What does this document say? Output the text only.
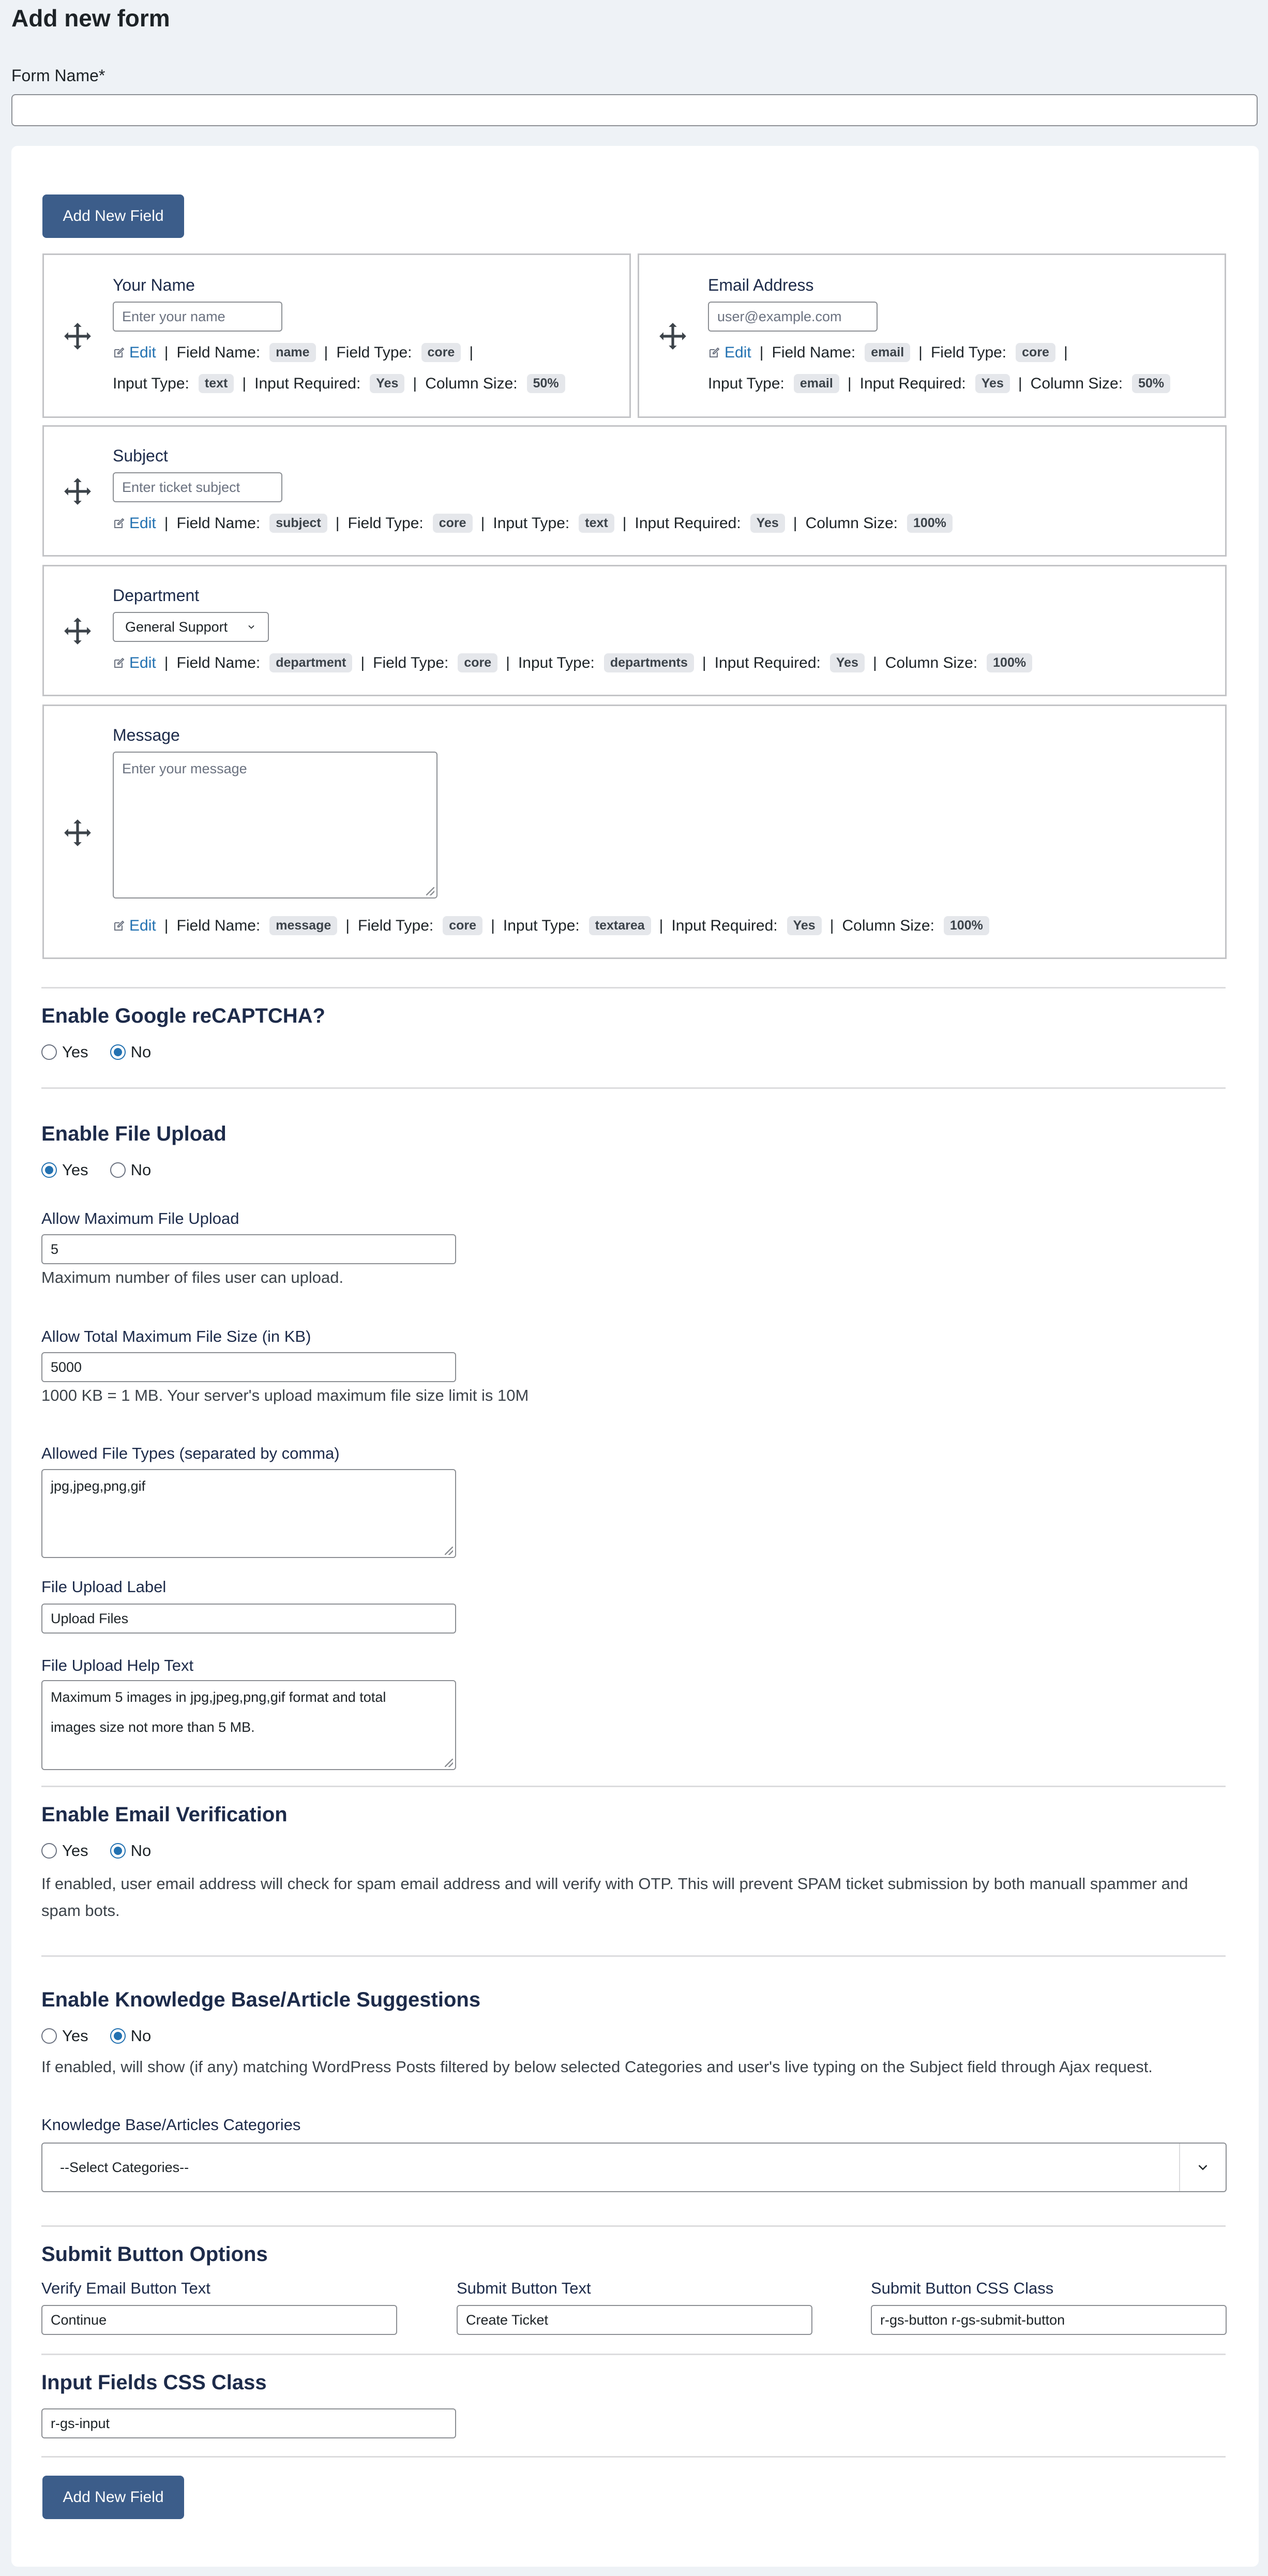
Add new form
Form Name*
Add New Field
Your Name
Enter your name
Edit | Field Name:	name | Field Type:	core |
Input Type:	text | Input Required:	Yes | Column Size:	50%
Email Address
user@example.com
Edit | Field Name:	email | Field Type:	core |
Input Type:	email | Input Required:	Yes | Column Size:	50%
Subject
Enter ticket subject
Edit | Field Name:	subject | Field Type:	core | Input Type:	text | Input Required:	Yes | Column Size:	100%
Department
General Support
Edit | Field Name:	department | Field Type:	core | Input Type:	departments | Input Required:	Yes | Column Size:	100%
Message
Enter your message
Edit | Field Name:	message | Field Type:	core | Input Type:	textarea | Input Required:	Yes | Column Size:	100%
Enable Google reCAPTCHA?
Yes	No
Enable File Upload
Yes	No
Allow Maximum File Upload
5
Maximum number of files user can upload.
Allow Total Maximum File Size (in KB)
5000
1000 KB = 1 MB. Your server's upload maximum file size limit is 10M
Allowed File Types (separated by comma)
jpg,jpeg,png,gif
File Upload Label
Upload Files
File Upload Help Text
Maximum 5 images in jpg,jpeg,png,gif format and total
images size not more than 5 MB.
Enable Email Verification
Yes	No
If enabled, user email address will check for spam email address and will verify with OTP. This will prevent SPAM ticket submission by both manuall spammer and
spam bots.
Enable Knowledge Base/Article Suggestions
Yes	No
If enabled, will show (if any) matching WordPress Posts filtered by below selected Categories and user's live typing on the Subject field through Ajax request.
Knowledge Base/Articles Categories
--Select Categories--
Submit Button Options
Verify Email Button Text
Continue
Submit Button Text
Create Ticket
Submit Button CSS Class
r-gs-button r-gs-submit-button
Input Fields CSS Class
r-gs-input
Add New Field
